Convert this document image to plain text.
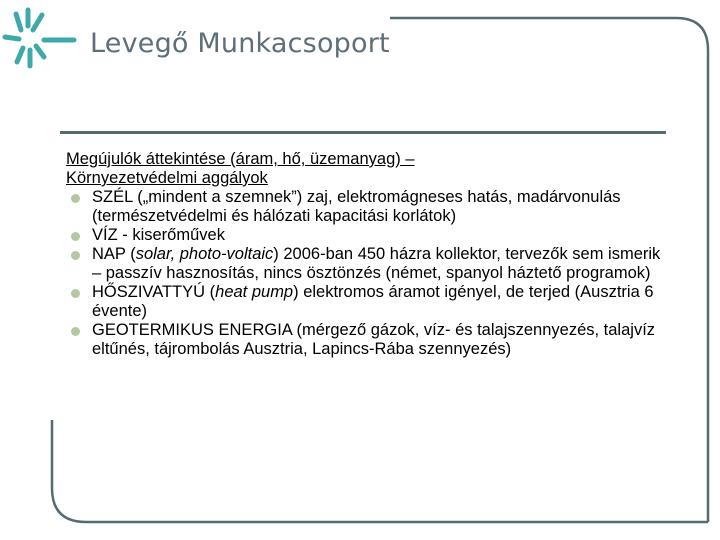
Levegő Munkacsoport
Megújulók áttekintése (áram, hő, üzemanyag) –
Környezetvédelmi aggályok
SZÉL („mindent a szemnek”) zaj, elektromágneses hatás, madárvonulás (természetvédelmi és hálózati kapacitási korlátok)
VÍZ - kiserőművek
NAP (solar, photo-voltaic) 2006-ban 450 házra kollektor, tervezők sem ismerik – passzív hasznosítás, nincs ösztönzés (német, spanyol háztető programok)
HŐSZIVATTYÚ (heat pump) elektromos áramot igényel, de terjed (Ausztria 6 évente)
GEOTERMIKUS ENERGIA (mérgező gázok, víz- és talajszennyezés, talajvíz eltűnés, tájrombolás Ausztria, Lapincs-Rába szennyezés)
